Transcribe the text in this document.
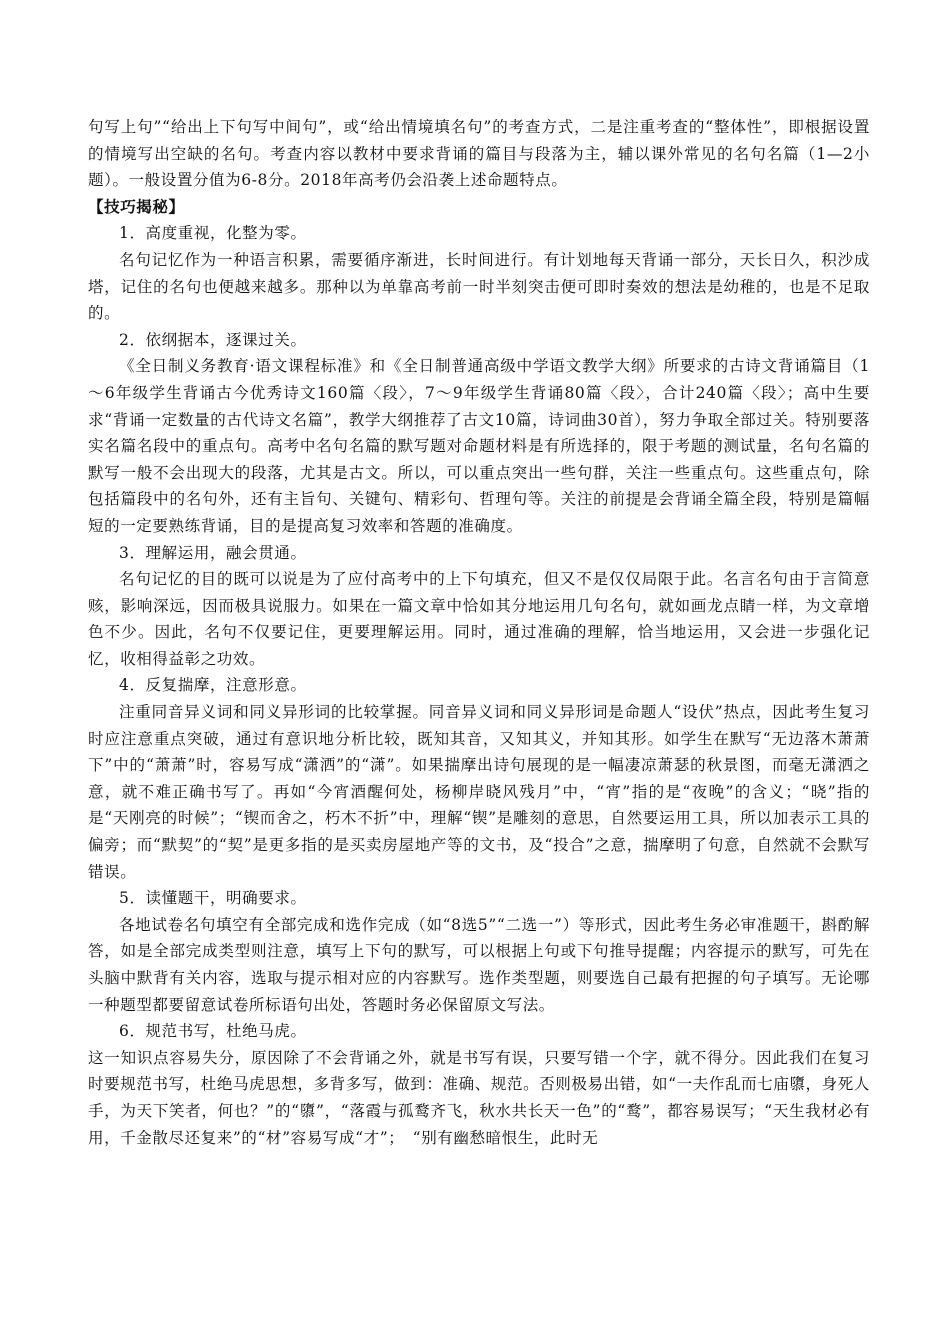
句写上句”“给出上下句写中间句”，或“给出情境填名句”的考查方式，二是注重考查的“整体性”，即根据设置的情境写出空缺的名句。考查内容以教材中要求背诵的篇目与段落为主，辅以课外常见的名句名篇（1—2小题）。一般设置分值为6-8分。2018年高考仍会沿袭上述命题特点。

【技巧揭秘】

1．高度重视，化整为零。

名句记忆作为一种语言积累，需要循序渐进，长时间进行。有计划地每天背诵一部分，天长日久，积沙成塔，记住的名句也便越来越多。那种以为单靠高考前一时半刻突击便可即时奏效的想法是幼稚的，也是不足取的。

2．依纲据本，逐课过关。

《全日制义务教育·语文课程标准》和《全日制普通高级中学语文教学大纲》所要求的古诗文背诵篇目（1～6年级学生背诵古今优秀诗文160篇〈段〉，7～9年级学生背诵80篇〈段〉，合计240篇〈段〉；高中生要求“背诵一定数量的古代诗文名篇”，教学大纲推荐了古文10篇，诗词曲30首），努力争取全部过关。特别要落实名篇名段中的重点句。高考中名句名篇的默写题对命题材料是有所选择的，限于考题的测试量，名句名篇的默写一般不会出现大的段落，尤其是古文。所以，可以重点突出一些句群，关注一些重点句。这些重点句，除包括篇段中的名句外，还有主旨句、关键句、精彩句、哲理句等。关注的前提是会背诵全篇全段，特别是篇幅短的一定要熟练背诵，目的是提高复习效率和答题的准确度。

3．理解运用，融会贯通。

名句记忆的目的既可以说是为了应付高考中的上下句填充，但又不是仅仅局限于此。名言名句由于言简意赅，影响深远，因而极具说服力。如果在一篇文章中恰如其分地运用几句名句，就如画龙点睛一样，为文章增色不少。因此，名句不仅要记住，更要理解运用。同时，通过准确的理解，恰当地运用，又会进一步强化记忆，收相得益彰之功效。

4．反复揣摩，注意形意。

注重同音异义词和同义异形词的比较掌握。同音异义词和同义异形词是命题人“设伏”热点，因此考生复习时应注意重点突破，通过有意识地分析比较，既知其音，又知其义，并知其形。如学生在默写“无边落木萧萧下”中的“萧萧”时，容易写成“潇洒”的“潇”。如果揣摩出诗句展现的是一幅凄凉萧瑟的秋景图，而毫无潇洒之意，就不难正确书写了。再如“今宵酒醒何处，杨柳岸晓风残月”中，“宵”指的是“夜晚”的含义；“晓”指的是“天刚亮的时候”；“锲而舍之，朽木不折”中，理解“锲”是雕刻的意思，自然要运用工具，所以加表示工具的偏旁；而“默契”的“契”是更多指的是买卖房屋地产等的文书，及“投合”之意，揣摩明了句意，自然就不会默写错误。

5．读懂题干，明确要求。

各地试卷名句填空有全部完成和选作完成（如“8选5”“二选一”）等形式，因此考生务必审准题干，斟酌解答，如是全部完成类型则注意，填写上下句的默写，可以根据上句或下句推导提醒；内容提示的默写，可先在头脑中默背有关内容，选取与提示相对应的内容默写。选作类型题，则要选自己最有把握的句子填写。无论哪一种题型都要留意试卷所标语句出处，答题时务必保留原文写法。

6．规范书写，杜绝马虎。

这一知识点容易失分，原因除了不会背诵之外，就是书写有误，只要写错一个字，就不得分。因此我们在复习时要规范书写，杜绝马虎思想，多背多写，做到：准确、规范。否则极易出错，如“一夫作乱而七庙隳，身死人手，为天下笑者，何也？”的“隳”，“落霞与孤鹜齐飞，秋水共长天一色”的“鹜”，都容易误写；“天生我材必有用，千金散尽还复来”的“材”容易写成“才”；　“别有幽愁暗恨生，此时无
